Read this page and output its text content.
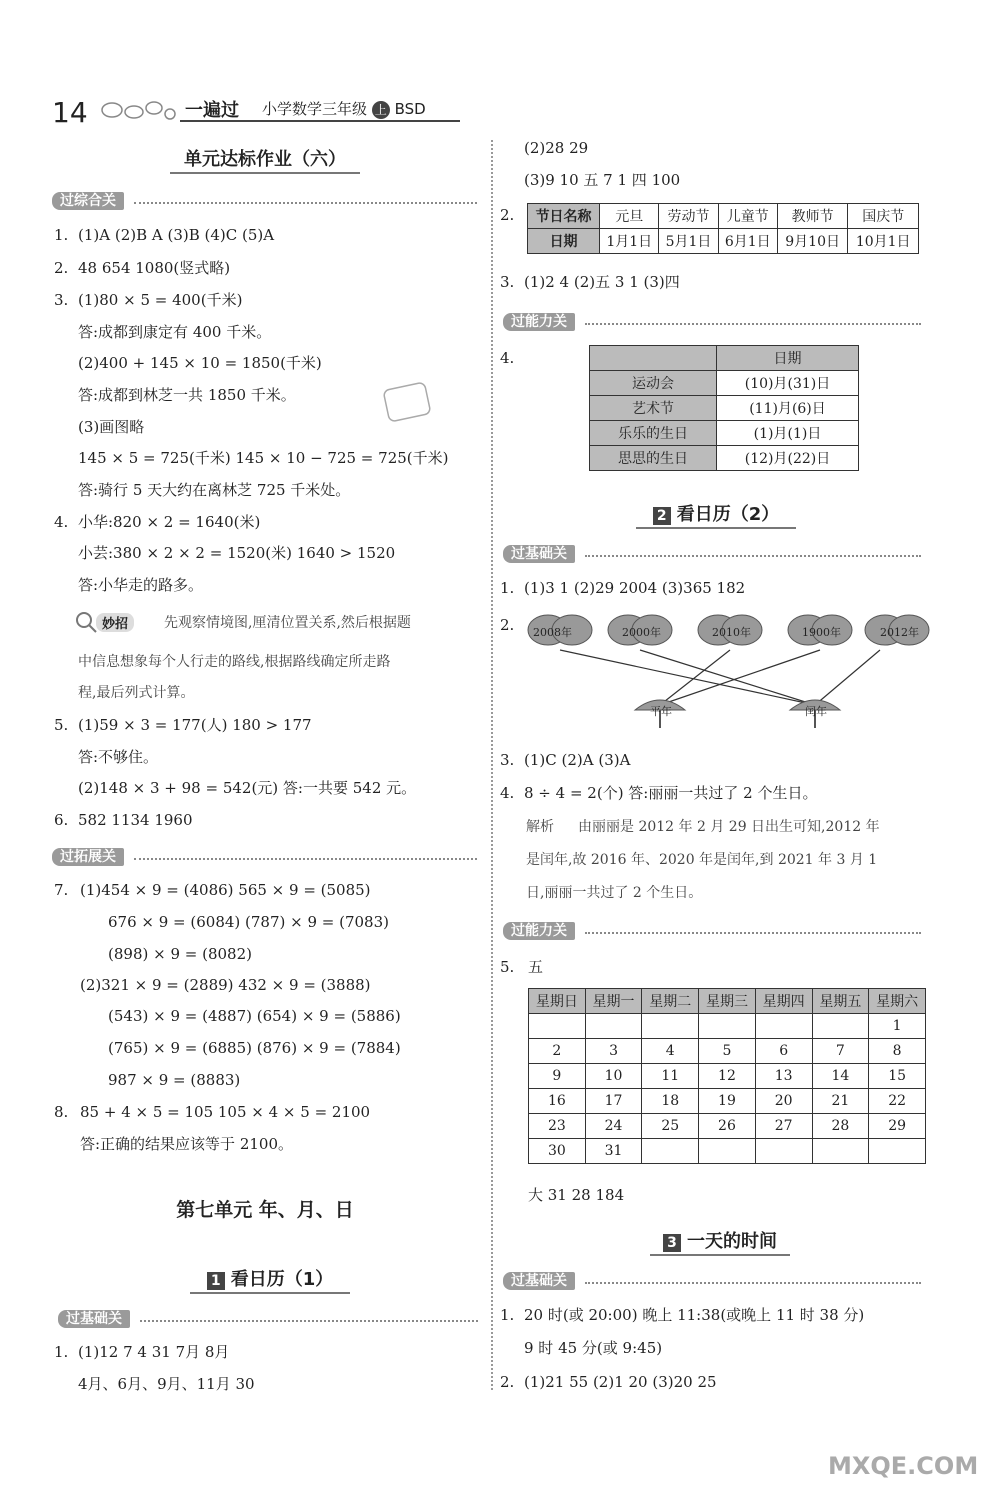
14	一遍过 小学数学三年级 上 BSD
单元达标作业（六）
过综合关
1. (1)A (2)B A (3)B (4)C (5)A
2. 48 654 1080(竖式略)
3. (1)80 × 5 = 400(千米)
答:成都到康定有 400 千米。
(2)400 + 145 × 10 = 1850(千米)
答:成都到林芝一共 1850 千米。
(3)画图略
145 × 5 = 725(千米) 145 × 10 − 725 = 725(千米)
答:骑行 5 天大约在离林芝 725 千米处。
4. 小华:820 × 2 = 1640(米)
小芸:380 × 2 × 2 = 1520(米) 1640 > 1520
答:小华走的路多。
妙招	先观察情境图,厘清位置关系,然后根据题
中信息想象每个人行走的路线,根据路线确定所走路
程,最后列式计算。
5. (1)59 × 3 = 177(人) 180 > 177
答:不够住。
(2)148 × 3 + 98 = 542(元) 答:一共要 542 元。
6. 582 1134 1960
过拓展关
7. (1)454 × 9 = (4086) 565 × 9 = (5085)
676 × 9 = (6084) (787) × 9 = (7083)
(898) × 9 = (8082)
(2)321 × 9 = (2889) 432 × 9 = (3888)
(543) × 9 = (4887) (654) × 9 = (5886)
(765) × 9 = (6885) (876) × 9 = (7884)
987 × 9 = (8883)
8. 85 + 4 × 5 = 105 105 × 4 × 5 = 2100
答:正确的结果应该等于 2100。
第七单元 年、月、日
1 看日历（1）
过基础关
1. (1)12 7 4 31 7月 8月
4月、6月、9月、11月 30
(2)28 29
(3)9 10 五 7 1 四 100
2. 节日名称	元旦	劳动节	儿童节	教师节	国庆节
日期	1月1日	5月1日	6月1日	9月10日	10月1日
3. (1)2 4 (2)五 3 1 (3)四
过能力关
4.
		日期
运动会	(10)月(31)日
艺术节	(11)月(6)日
乐乐的生日	(1)月(1)日
思思的生日	(12)月(22)日
2 看日历（2）
过基础关
1. (1)3 1 (2)29 2004 (3)365 182
2. 2008年	2000年	2010年	1900年	2012年
平年	闰年
3. (1)C (2)A (3)A
4. 8 ÷ 4 = 2(个) 答:丽丽一共过了 2 个生日。
解析 由丽丽是 2012 年 2 月 29 日出生可知,2012 年
是闰年,故 2016 年、2020 年是闰年,到 2021 年 3 月 1
日,丽丽一共过了 2 个生日。
过能力关
5. 五
星期日	星期一	星期二	星期三	星期四	星期五	星期六
						1
2	3	4	5	6	7	8
9	10	11	12	13	14	15
16	17	18	19	20	21	22
23	24	25	26	27	28	29
30	31					
大 31 28 184
3 一天的时间
过基础关
1. 20 时(或 20:00) 晚上 11:38(或晚上 11 时 38 分)
9 时 45 分(或 9:45)
2. (1)21 55 (2)1 20 (3)20 25
MXQE.COM
